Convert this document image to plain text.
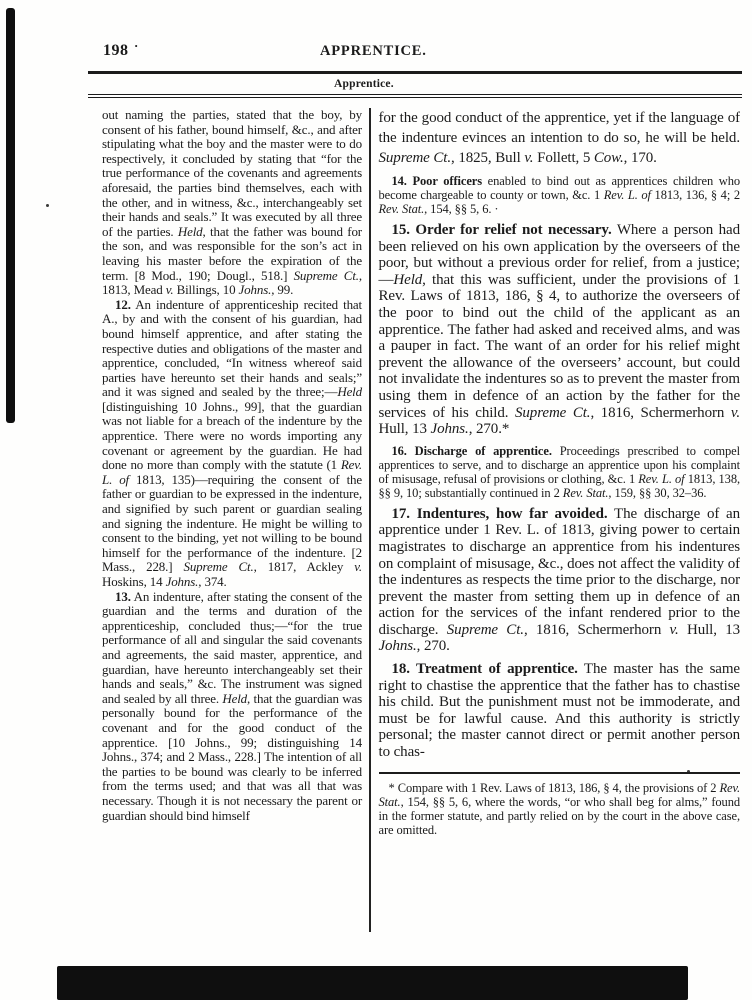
198 ·	APPRENTICE.
Apprentice.

out naming the parties, stated that the boy, by consent of his father, bound himself, &c., and after stipulating what the boy and the master were to do respectively, it concluded by stating that “for the true performance of the covenants and agreements aforesaid, the parties bind themselves, each with the other, and in witness, &c., interchangeably set their hands and seals.” It was executed by all three of the parties. Held, that the father was bound for the son, and was responsible for the son’s act in leaving his master before the expiration of the term. [8 Mod., 190; Dougl., 518.] Supreme Ct., 1813, Mead v. Billings, 10 Johns., 99.

12. An indenture of apprenticeship recited that A., by and with the consent of his guardian, had bound himself apprentice, and after stating the respective duties and obligations of the master and apprentice, concluded, “In witness whereof said parties have hereunto set their hands and seals;” and it was signed and sealed by the three;—Held [distinguishing 10 Johns., 99], that the guardian was not liable for a breach of the indenture by the apprentice. There were no words importing any covenant or agreement by the guardian. He had done no more than comply with the statute (1 Rev. L. of 1813, 135)—requiring the consent of the father or guardian to be expressed in the indenture, and signified by such parent or guardian sealing and signing the indenture. He might be willing to consent to the binding, yet not willing to be bound himself for the performance of the indenture. [2 Mass., 228.] Supreme Ct., 1817, Ackley v. Hoskins, 14 Johns., 374.

13. An indenture, after stating the consent of the guardian and the terms and duration of the apprenticeship, concluded thus;—“for the true performance of all and singular the said covenants and agreements, the said master, apprentice, and guardian, have hereunto interchangeably set their hands and seals,” &c. The instrument was signed and sealed by all three. Held, that the guardian was personally bound for the performance of the covenant and for the good conduct of the apprentice. [10 Johns., 99; distinguishing 14 Johns., 374; and 2 Mass., 228.] The intention of all the parties to be bound was clearly to be inferred from the terms used; and that was all that was necessary. Though it is not necessary the parent or guardian should bind himself

for the good conduct of the apprentice, yet if the language of the indenture evinces an intention to do so, he will be held. Supreme Ct., 1825, Bull v. Follett, 5 Cow., 170.

14. Poor officers enabled to bind out as apprentices children who become chargeable to county or town, &c. 1 Rev. L. of 1813, 136, § 4; 2 Rev. Stat., 154, §§ 5, 6. ·

15. Order for relief not necessary. Where a person had been relieved on his own application by the overseers of the poor, but without a previous order for relief, from a justice; —Held, that this was sufficient, under the provisions of 1 Rev. Laws of 1813, 186, § 4, to authorize the overseers of the poor to bind out the child of the applicant as an apprentice. The father had asked and received alms, and was a pauper in fact. The want of an order for his relief might prevent the allowance of the overseers’ account, but could not invalidate the indentures so as to prevent the master from using them in defence of an action by the father for the services of his child. Supreme Ct., 1816, Schermerhorn v. Hull, 13 Johns., 270.*

16. Discharge of apprentice. Proceedings prescribed to compel apprentices to serve, and to discharge an apprentice upon his complaint of misusage, refusal of provisions or clothing, &c. 1 Rev. L. of 1813, 138, §§ 9, 10; substantially continued in 2 Rev. Stat., 159, §§ 30, 32–36.

17. Indentures, how far avoided. The discharge of an apprentice under 1 Rev. L. of 1813, giving power to certain magistrates to discharge an apprentice from his indentures on complaint of misusage, &c., does not affect the validity of the indentures as respects the time prior to the discharge, nor prevent the master from setting them up in defence of an action for the services of the infant rendered prior to the discharge. Supreme Ct., 1816, Schermerhorn v. Hull, 13 Johns., 270.

18. Treatment of apprentice. The master has the same right to chastise the apprentice that the father has to chastise his child. But the punishment must not be immoderate, and must be for lawful cause. And this authority is strictly personal; the master cannot direct or permit another person to chas-

* Compare with 1 Rev. Laws of 1813, 186, § 4, the provisions of 2 Rev. Stat., 154, §§ 5, 6, where the words, “or who shall beg for alms,” found in the former statute, and partly relied on by the court in the above case, are omitted.
